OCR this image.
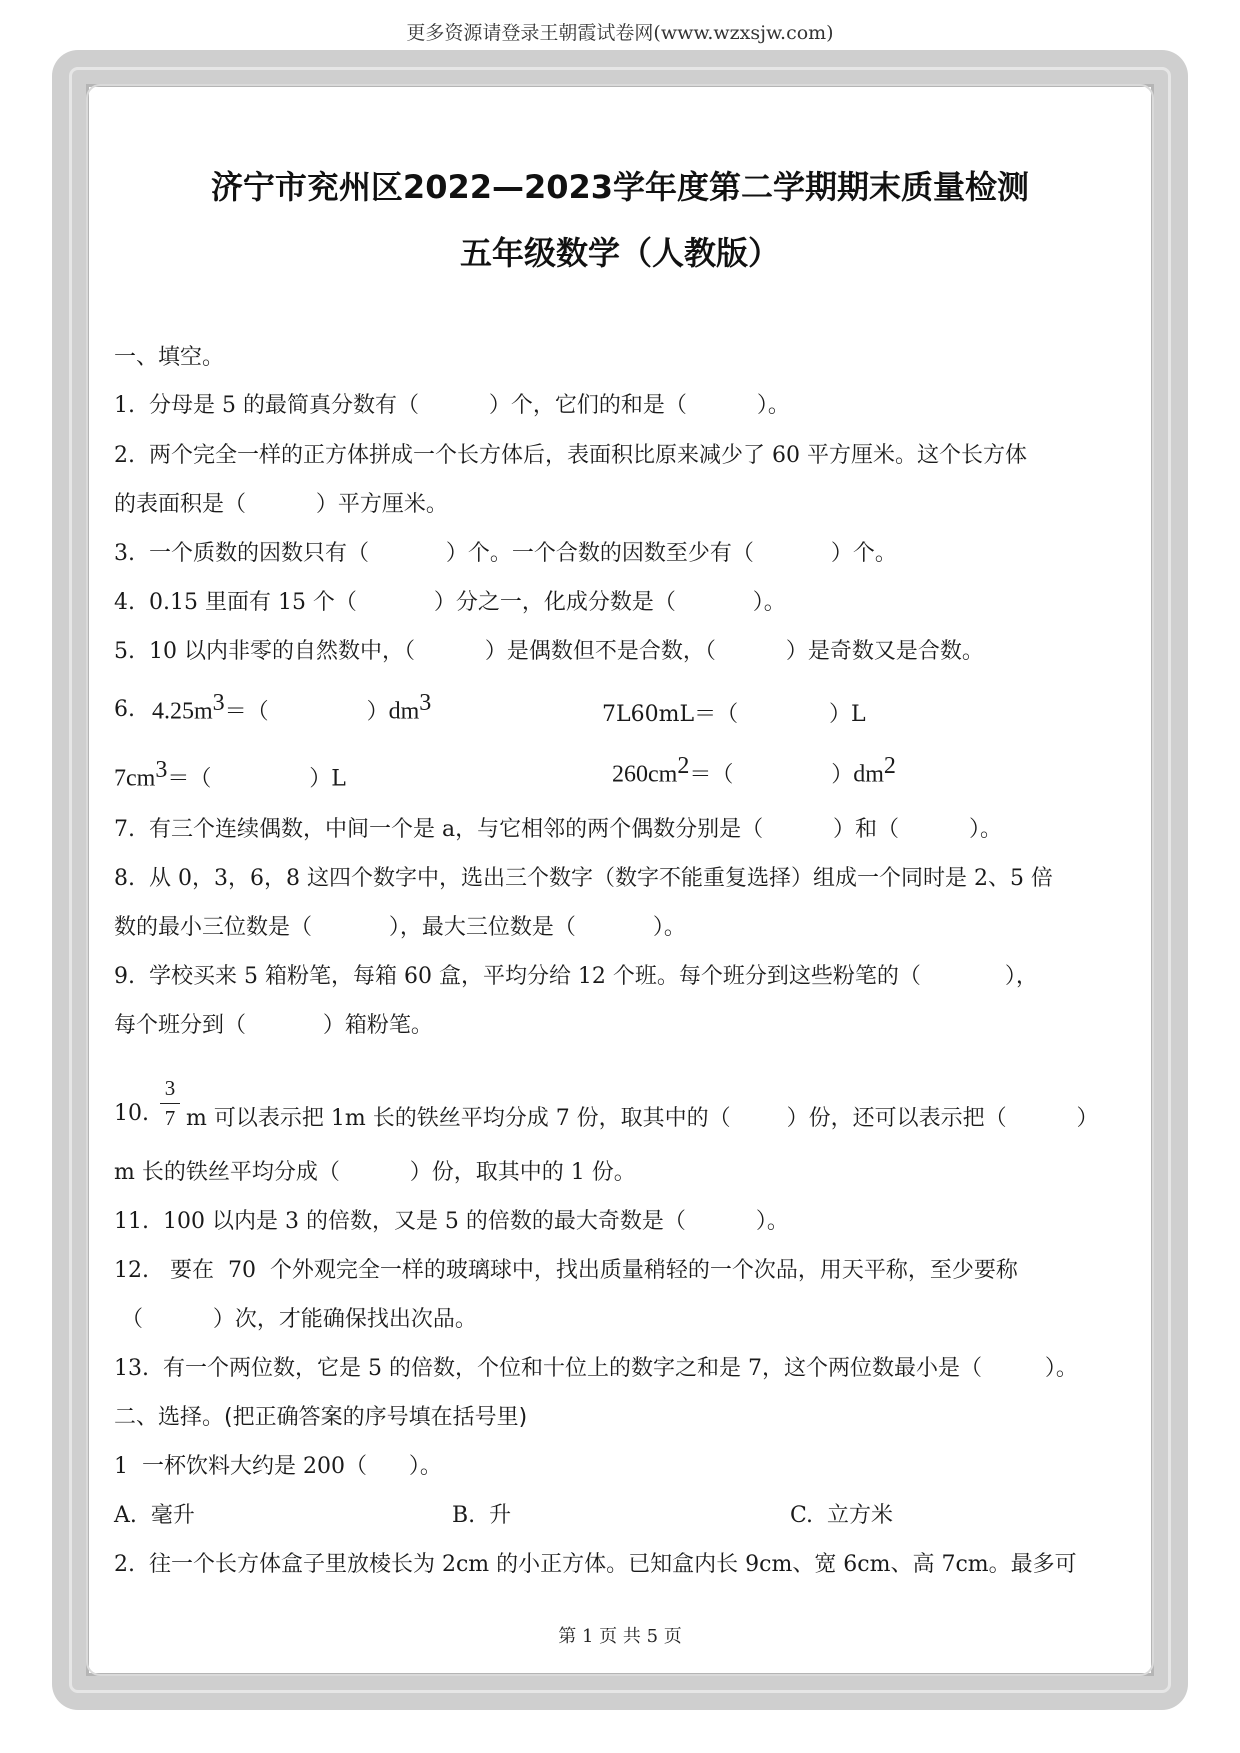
更多资源请登录王朝霞试卷网(www.wzxsjw.com)
济宁市兖州区2022—2023学年度第二学期期末质量检测
五年级数学（人教版）
一、填空。
1.  分母是 5 的最简真分数有（          ）个，它们的和是（          ）。
2.  两个完全一样的正方体拼成一个长方体后，表面积比原来减少了 60 平方厘米。这个长方体
的表面积是（          ）平方厘米。
3.  一个质数的因数只有（           ）个。一个合数的因数至少有（           ）个。
4.  0.15 里面有 15 个（           ）分之一，化成分数是（           ）。
5.  10 以内非零的自然数中，（          ）是偶数但不是合数，（          ）是奇数又是合数。
6. $4.25m^3=$（              ）$dm^3$	7L60mL＝（             ）L
$7cm^3=$（              ）L	$260cm^2=$（              ）$dm^2$
7.  有三个连续偶数，中间一个是 a，与它相邻的两个偶数分别是（          ）和（          ）。
8.  从 0，3，6，8 这四个数字中，选出三个数字（数字不能重复选择）组成一个同时是 2、5 倍
数的最小三位数是（           ），最大三位数是（           ）。
9.  学校买来 5 箱粉笔，每箱 60 盒，平均分给 12 个班。每个班分到这些粉笔的（            ），
每个班分到（           ）箱粉笔。
10.
3
7 m 可以表示把 1m 长的铁丝平均分成 7 份，取其中的（        ）份，还可以表示把（          ）
m 长的铁丝平均分成（          ）份，取其中的 1 份。
11.  100 以内是 3 的倍数，又是 5 的倍数的最大奇数是（          ）。
12.   要在  70  个外观完全一样的玻璃球中，找出质量稍轻的一个次品，用天平称，至少要称
（          ）次，才能确保找出次品。
13.  有一个两位数，它是 5 的倍数，个位和十位上的数字之和是 7，这个两位数最小是（         ）。
二、选择。(把正确答案的序号填在括号里)
1  一杯饮料大约是 200（      ）。
A.  毫升	B.  升	C.  立方米
2.  往一个长方体盒子里放棱长为 2cm 的小正方体。已知盒内长 9cm、宽 6cm、高 7cm。最多可
第 1 页 共 5 页
